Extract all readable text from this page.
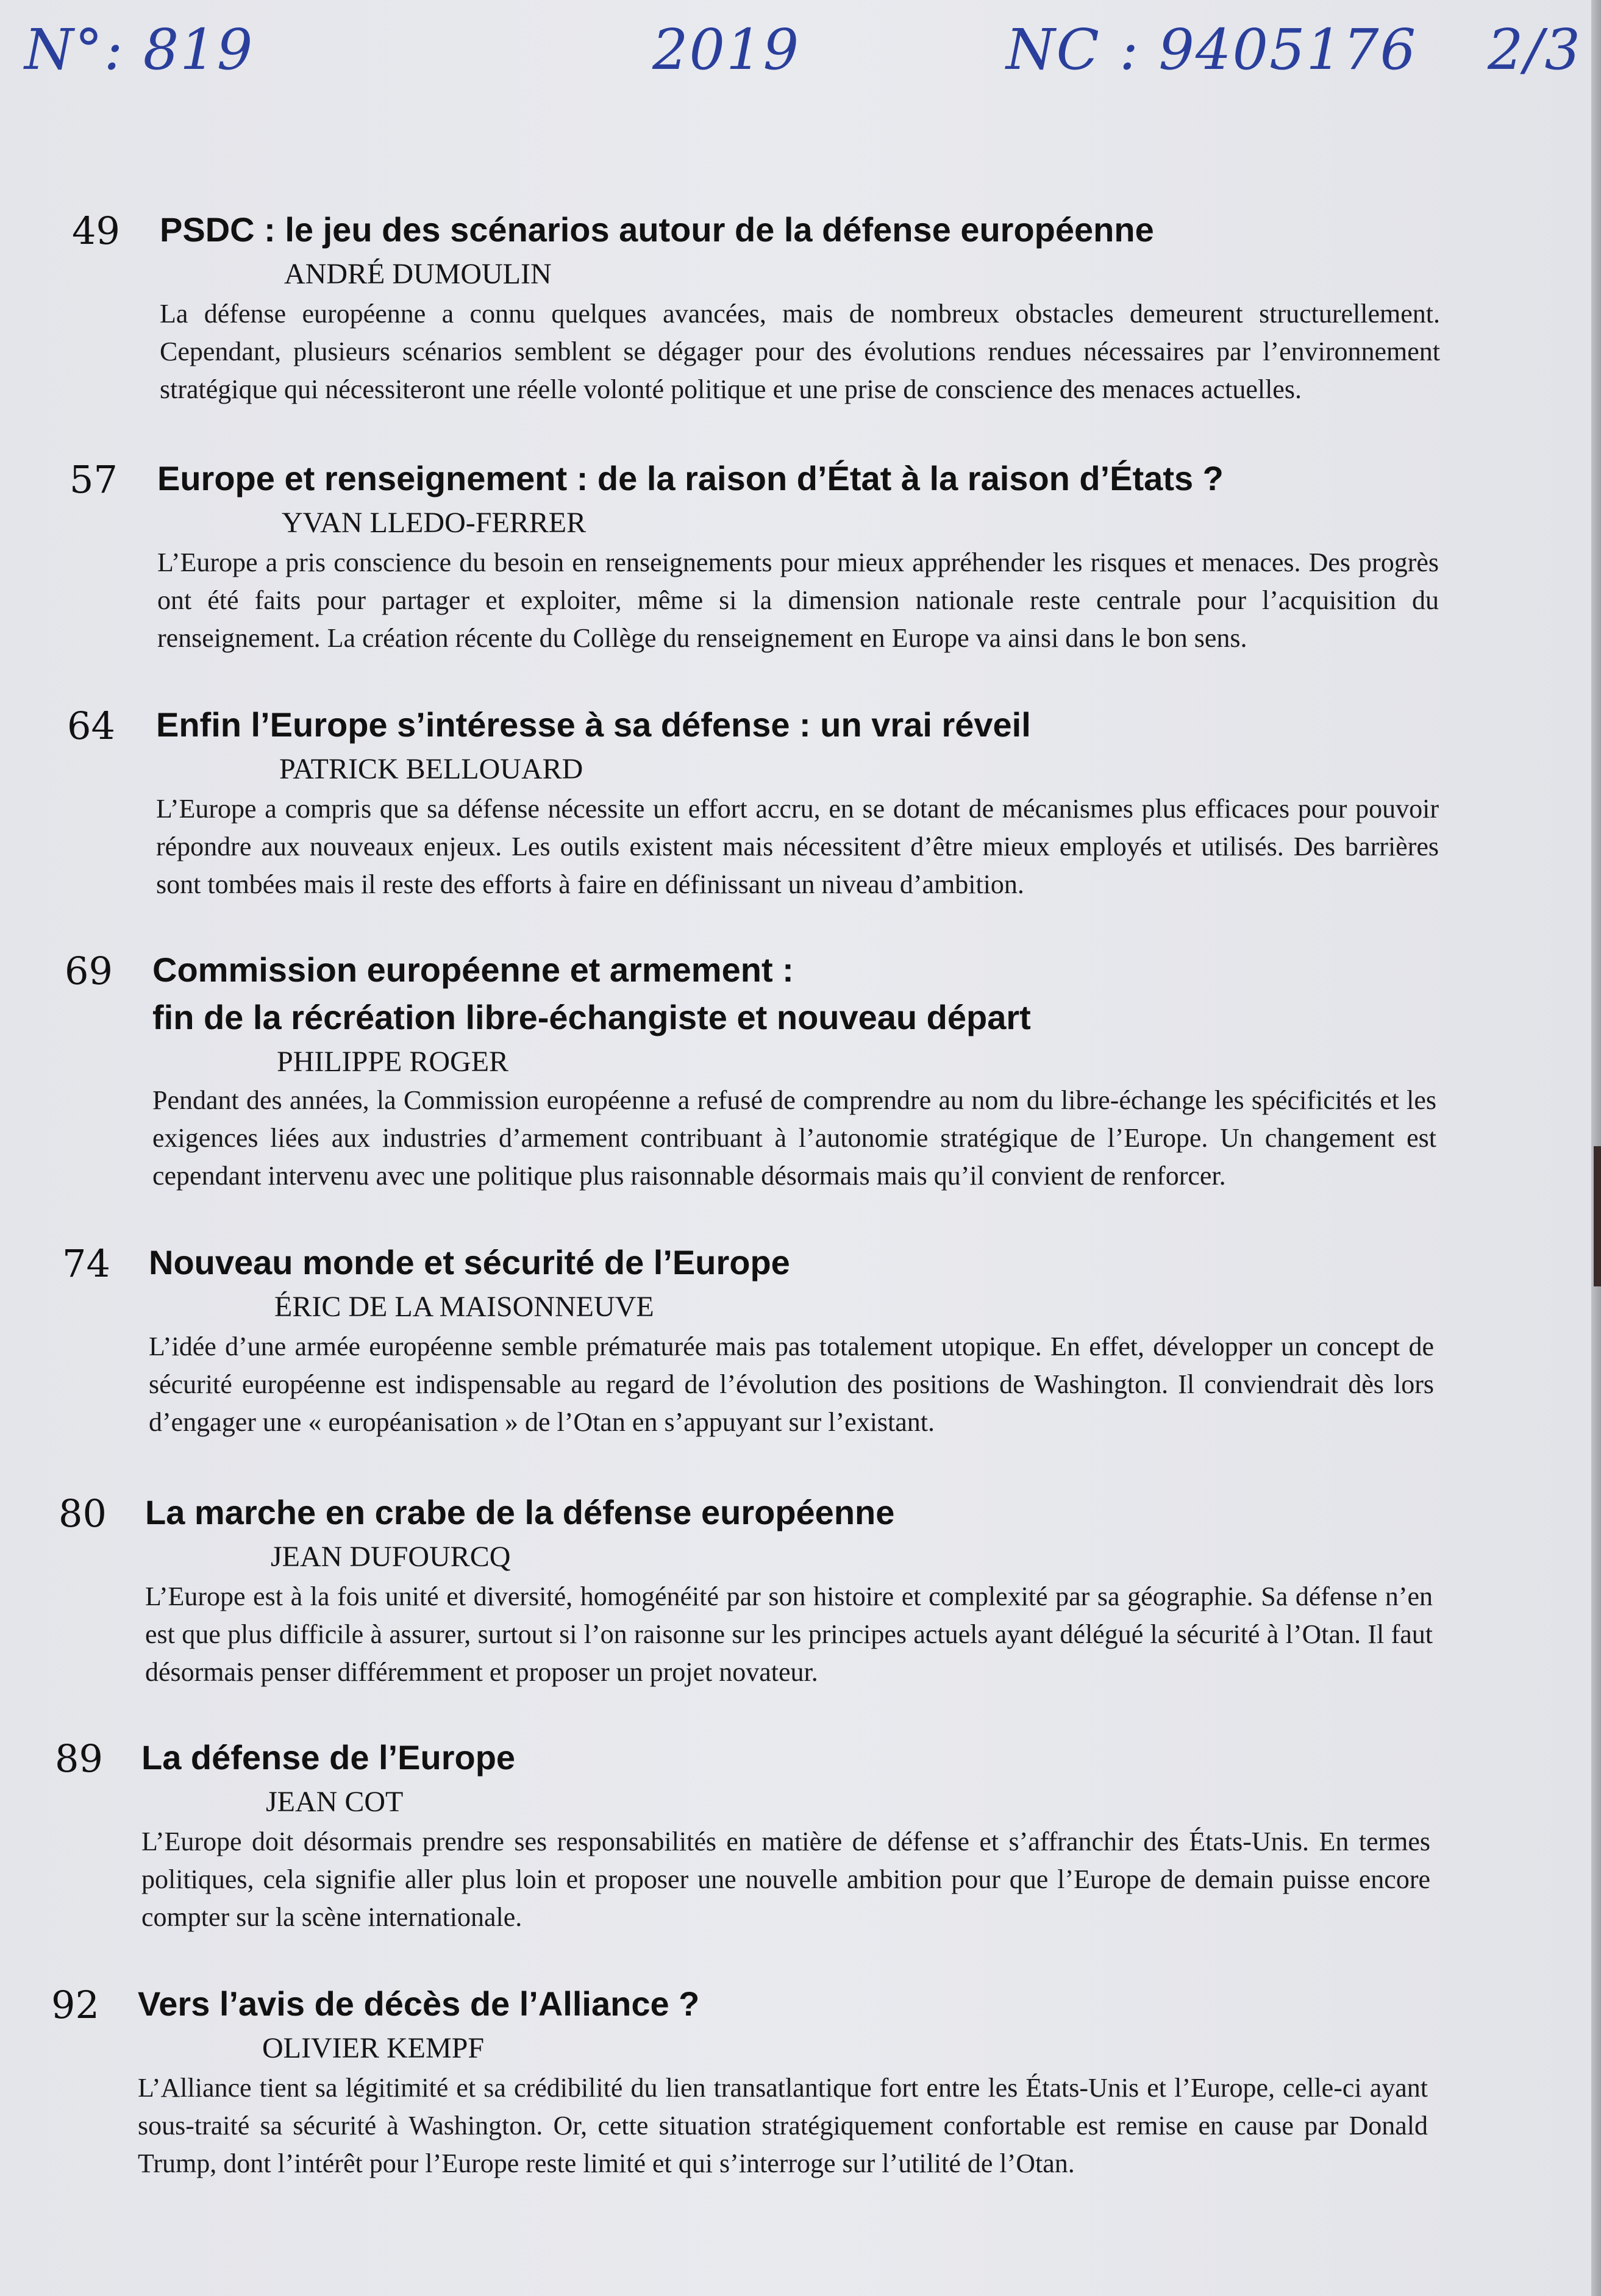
N°: 819	2019	NC : 9405176 2/3
49 PSDC : le jeu des scénarios autour de la défense européenne
ANDRÉ DUMOULIN
La défense européenne a connu quelques avancées, mais de nombreux obstacles demeurent structurellement. Cependant, plusieurs scénarios semblent se dégager pour des évolutions rendues nécessaires par l’environnement stratégique qui nécessiteront une réelle volonté politique et une prise de conscience des menaces actuelles.
57 Europe et renseignement : de la raison d’État à la raison d’États ?
YVAN LLEDO-FERRER
L’Europe a pris conscience du besoin en renseignements pour mieux appréhender les risques et menaces. Des progrès ont été faits pour partager et exploiter, même si la dimension nationale reste centrale pour l’acquisition du renseignement. La création récente du Collège du renseignement en Europe va ainsi dans le bon sens.
64 Enfin l’Europe s’intéresse à sa défense : un vrai réveil
PATRICK BELLOUARD
L’Europe a compris que sa défense nécessite un effort accru, en se dotant de mécanismes plus efficaces pour pouvoir répondre aux nouveaux enjeux. Les outils existent mais nécessitent d’être mieux employés et utilisés. Des barrières sont tombées mais il reste des efforts à faire en définissant un niveau d’ambition.
69 Commission européenne et armement :
fin de la récréation libre-échangiste et nouveau départ
PHILIPPE ROGER
Pendant des années, la Commission européenne a refusé de comprendre au nom du libre-échange les spécificités et les exigences liées aux industries d’armement contribuant à l’autonomie stratégique de l’Europe. Un changement est cependant intervenu avec une politique plus raisonnable désormais mais qu’il convient de renforcer.
74 Nouveau monde et sécurité de l’Europe
ÉRIC DE LA MAISONNEUVE
L’idée d’une armée européenne semble prématurée mais pas totalement utopique. En effet, développer un concept de sécurité européenne est indispensable au regard de l’évolution des positions de Washington. Il conviendrait dès lors d’engager une « européanisation » de l’Otan en s’appuyant sur l’existant.
80 La marche en crabe de la défense européenne
JEAN DUFOURCQ
L’Europe est à la fois unité et diversité, homogénéité par son histoire et complexité par sa géographie. Sa défense n’en est que plus difficile à assurer, surtout si l’on raisonne sur les principes actuels ayant délégué la sécurité à l’Otan. Il faut désormais penser différemment et proposer un projet novateur.
89 La défense de l’Europe
JEAN COT
L’Europe doit désormais prendre ses responsabilités en matière de défense et s’affranchir des États-Unis. En termes politiques, cela signifie aller plus loin et proposer une nouvelle ambition pour que l’Europe de demain puisse encore compter sur la scène internationale.
92 Vers l’avis de décès de l’Alliance ?
OLIVIER KEMPF
L’Alliance tient sa légitimité et sa crédibilité du lien transatlantique fort entre les États-Unis et l’Europe, celle-ci ayant sous-traité sa sécurité à Washington. Or, cette situation stratégiquement confortable est remise en cause par Donald Trump, dont l’intérêt pour l’Europe reste limité et qui s’interroge sur l’utilité de l’Otan.
